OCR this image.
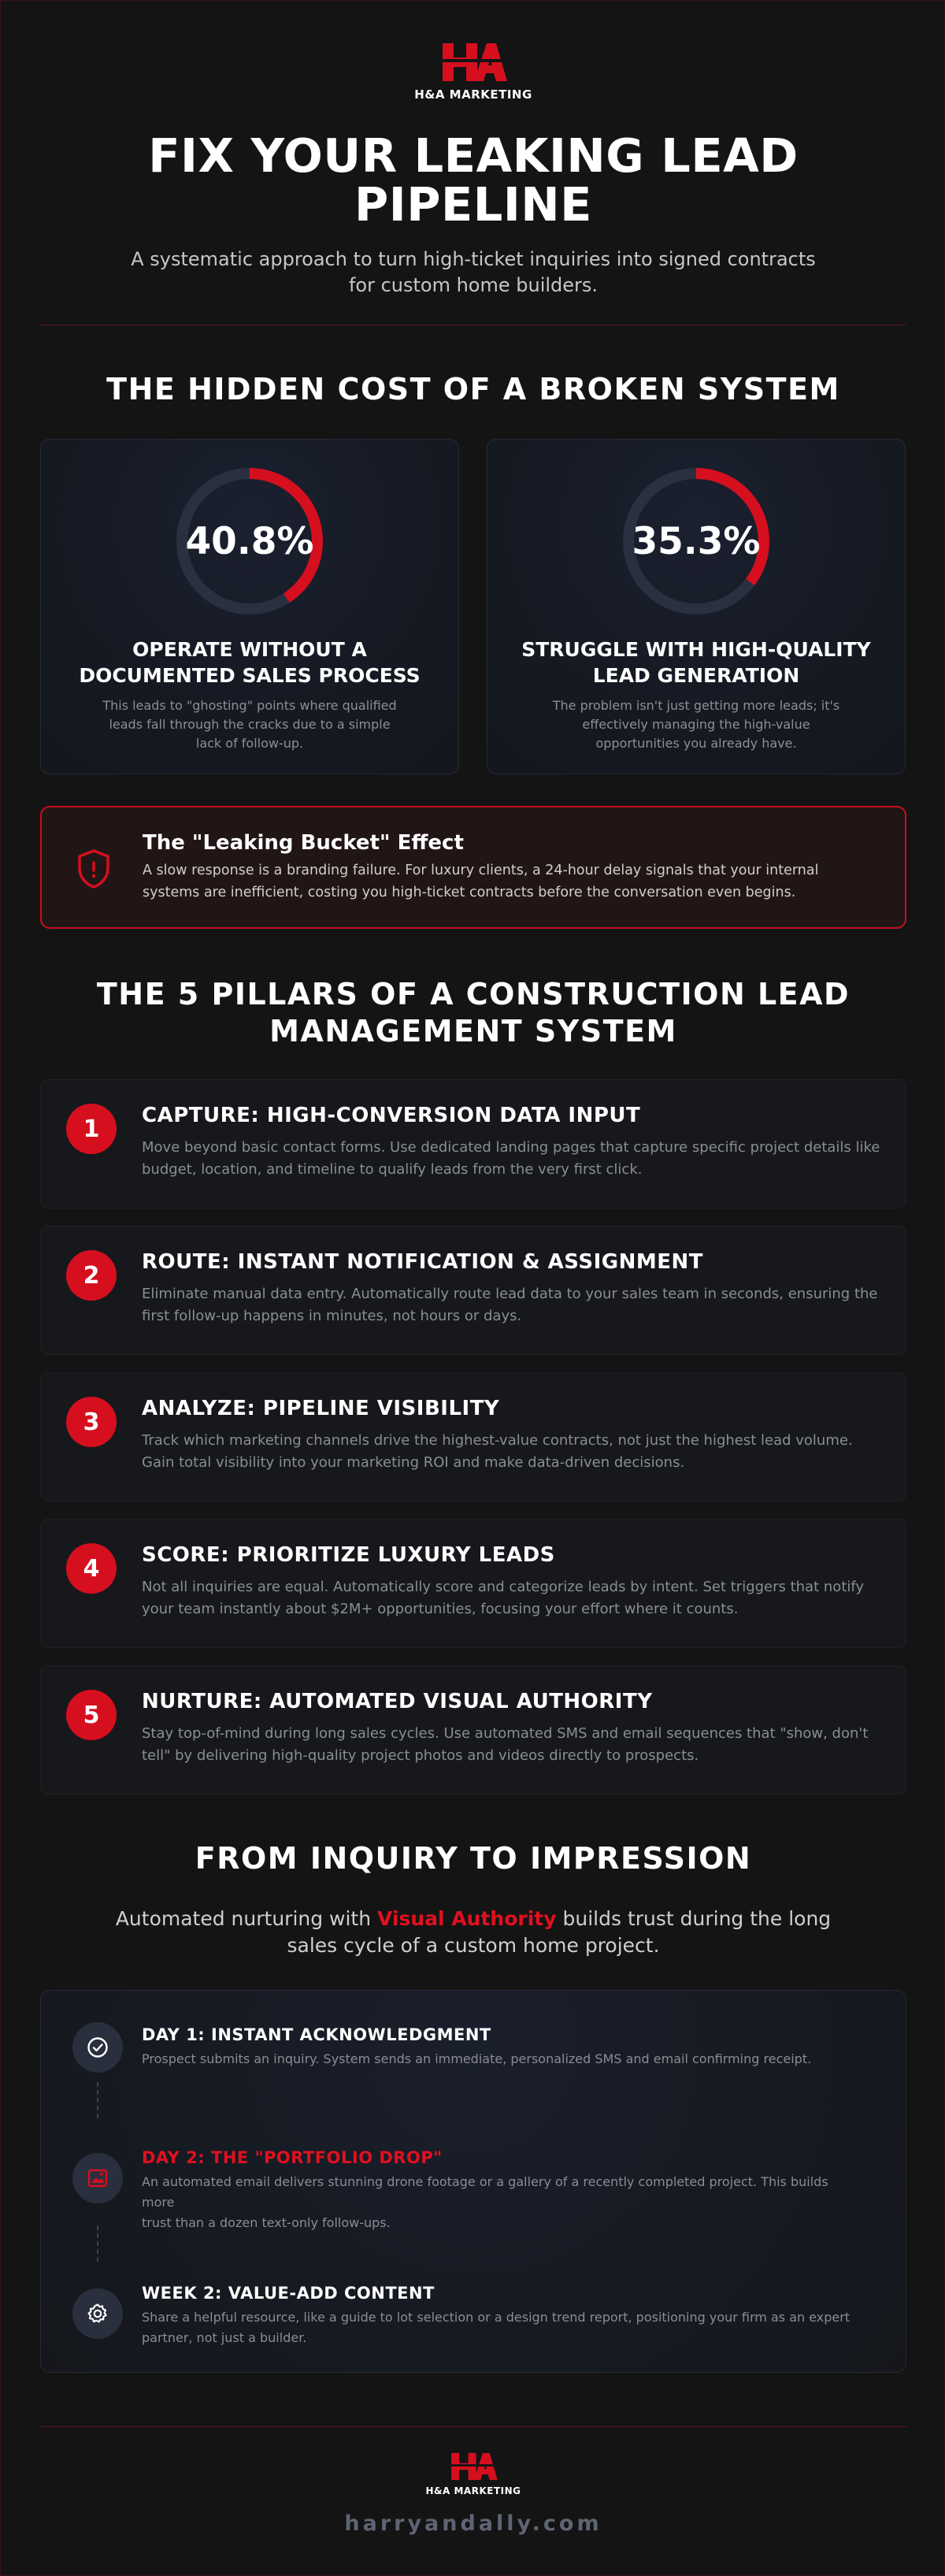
H&A MARKETING
FIX YOUR LEAKING LEAD
PIPELINE
A systematic approach to turn high-ticket inquiries into signed contracts
for custom home builders.
THE HIDDEN COST OF A BROKEN SYSTEM
40.8%
OPERATE WITHOUT A
DOCUMENTED SALES PROCESS
This leads to "ghosting" points where qualified
leads fall through the cracks due to a simple
lack of follow-up.
35.3%
STRUGGLE WITH HIGH-QUALITY
LEAD GENERATION
The problem isn't just getting more leads; it's
effectively managing the high-value
opportunities you already have.
The "Leaking Bucket" Effect
A slow response is a branding failure. For luxury clients, a 24-hour delay signals that your internal
systems are inefficient, costing you high-ticket contracts before the conversation even begins.
THE 5 PILLARS OF A CONSTRUCTION LEAD
MANAGEMENT SYSTEM
1	CAPTURE: HIGH-CONVERSION DATA INPUT
Move beyond basic contact forms. Use dedicated landing pages that capture specific project details like
budget, location, and timeline to qualify leads from the very first click.
2	ROUTE: INSTANT NOTIFICATION & ASSIGNMENT
Eliminate manual data entry. Automatically route lead data to your sales team in seconds, ensuring the
first follow-up happens in minutes, not hours or days.
3	ANALYZE: PIPELINE VISIBILITY
Track which marketing channels drive the highest-value contracts, not just the highest lead volume.
Gain total visibility into your marketing ROI and make data-driven decisions.
4	SCORE: PRIORITIZE LUXURY LEADS
Not all inquiries are equal. Automatically score and categorize leads by intent. Set triggers that notify
your team instantly about $2M+ opportunities, focusing your effort where it counts.
5	NURTURE: AUTOMATED VISUAL AUTHORITY
Stay top-of-mind during long sales cycles. Use automated SMS and email sequences that "show, don't
tell" by delivering high-quality project photos and videos directly to prospects.
FROM INQUIRY TO IMPRESSION
Automated nurturing with Visual Authority builds trust during the long
sales cycle of a custom home project.
DAY 1: INSTANT ACKNOWLEDGMENT
Prospect submits an inquiry. System sends an immediate, personalized SMS and email confirming receipt.
DAY 2: THE "PORTFOLIO DROP"
An automated email delivers stunning drone footage or a gallery of a recently completed project. This builds more
trust than a dozen text-only follow-ups.
WEEK 2: VALUE-ADD CONTENT
Share a helpful resource, like a guide to lot selection or a design trend report, positioning your firm as an expert
partner, not just a builder.
H&A MARKETING
harryandally.com
